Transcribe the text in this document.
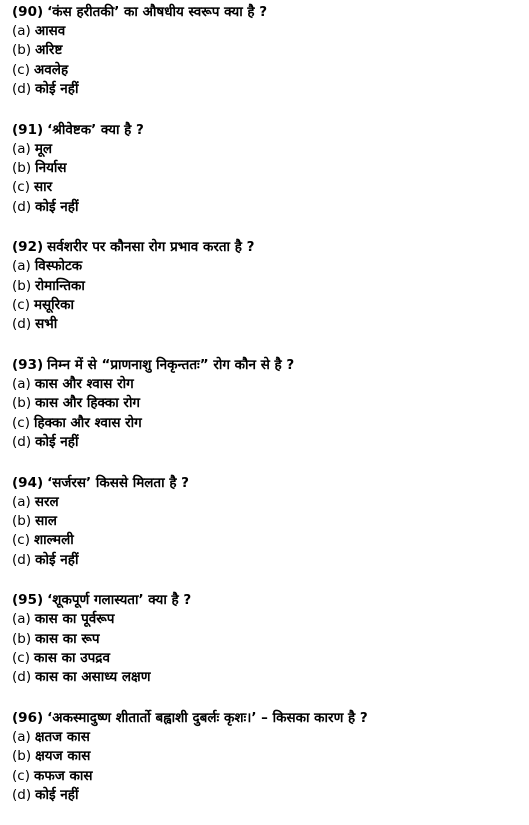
(90) ‘कंस हरीतकी’ का औषधीय स्वरूप क्या है ?
(a) आसव
(b) अरिष्ट
(c) अवलेह
(d) कोई नहीं
(91) ‘श्रीवेष्टक’ क्या है ?
(a) मूल
(b) निर्यास
(c) सार
(d) कोई नहीं
(92) सर्वशरीर पर कौनसा रोग प्रभाव करता है ?
(a) विस्फोटक
(b) रोमान्तिका
(c) मसूरिका
(d) सभी
(93) निम्न में से “प्राणनाशु निकृन्ततः” रोग कौन से है ?
(a) कास और श्वास रोग
(b) कास और हिक्का रोग
(c) हिक्का और श्वास रोग
(d) कोई नहीं
(94) ‘सर्जरस’ किससे मिलता है ?
(a) सरल
(b) साल
(c) शाल्मली
(d) कोई नहीं
(95) ‘शूकपूर्ण गलास्यता’ क्या है ?
(a) कास का पूर्वरूप
(b) कास का रूप
(c) कास का उपद्रव
(d) कास का असाध्य लक्षण
(96) ‘अकस्मादुष्ण शीतार्तो बह्वाशी दुबर्लः कृशः।’ – किसका कारण है ?
(a) क्षतज कास
(b) क्षयज कास
(c) कफज कास
(d) कोई नहीं
